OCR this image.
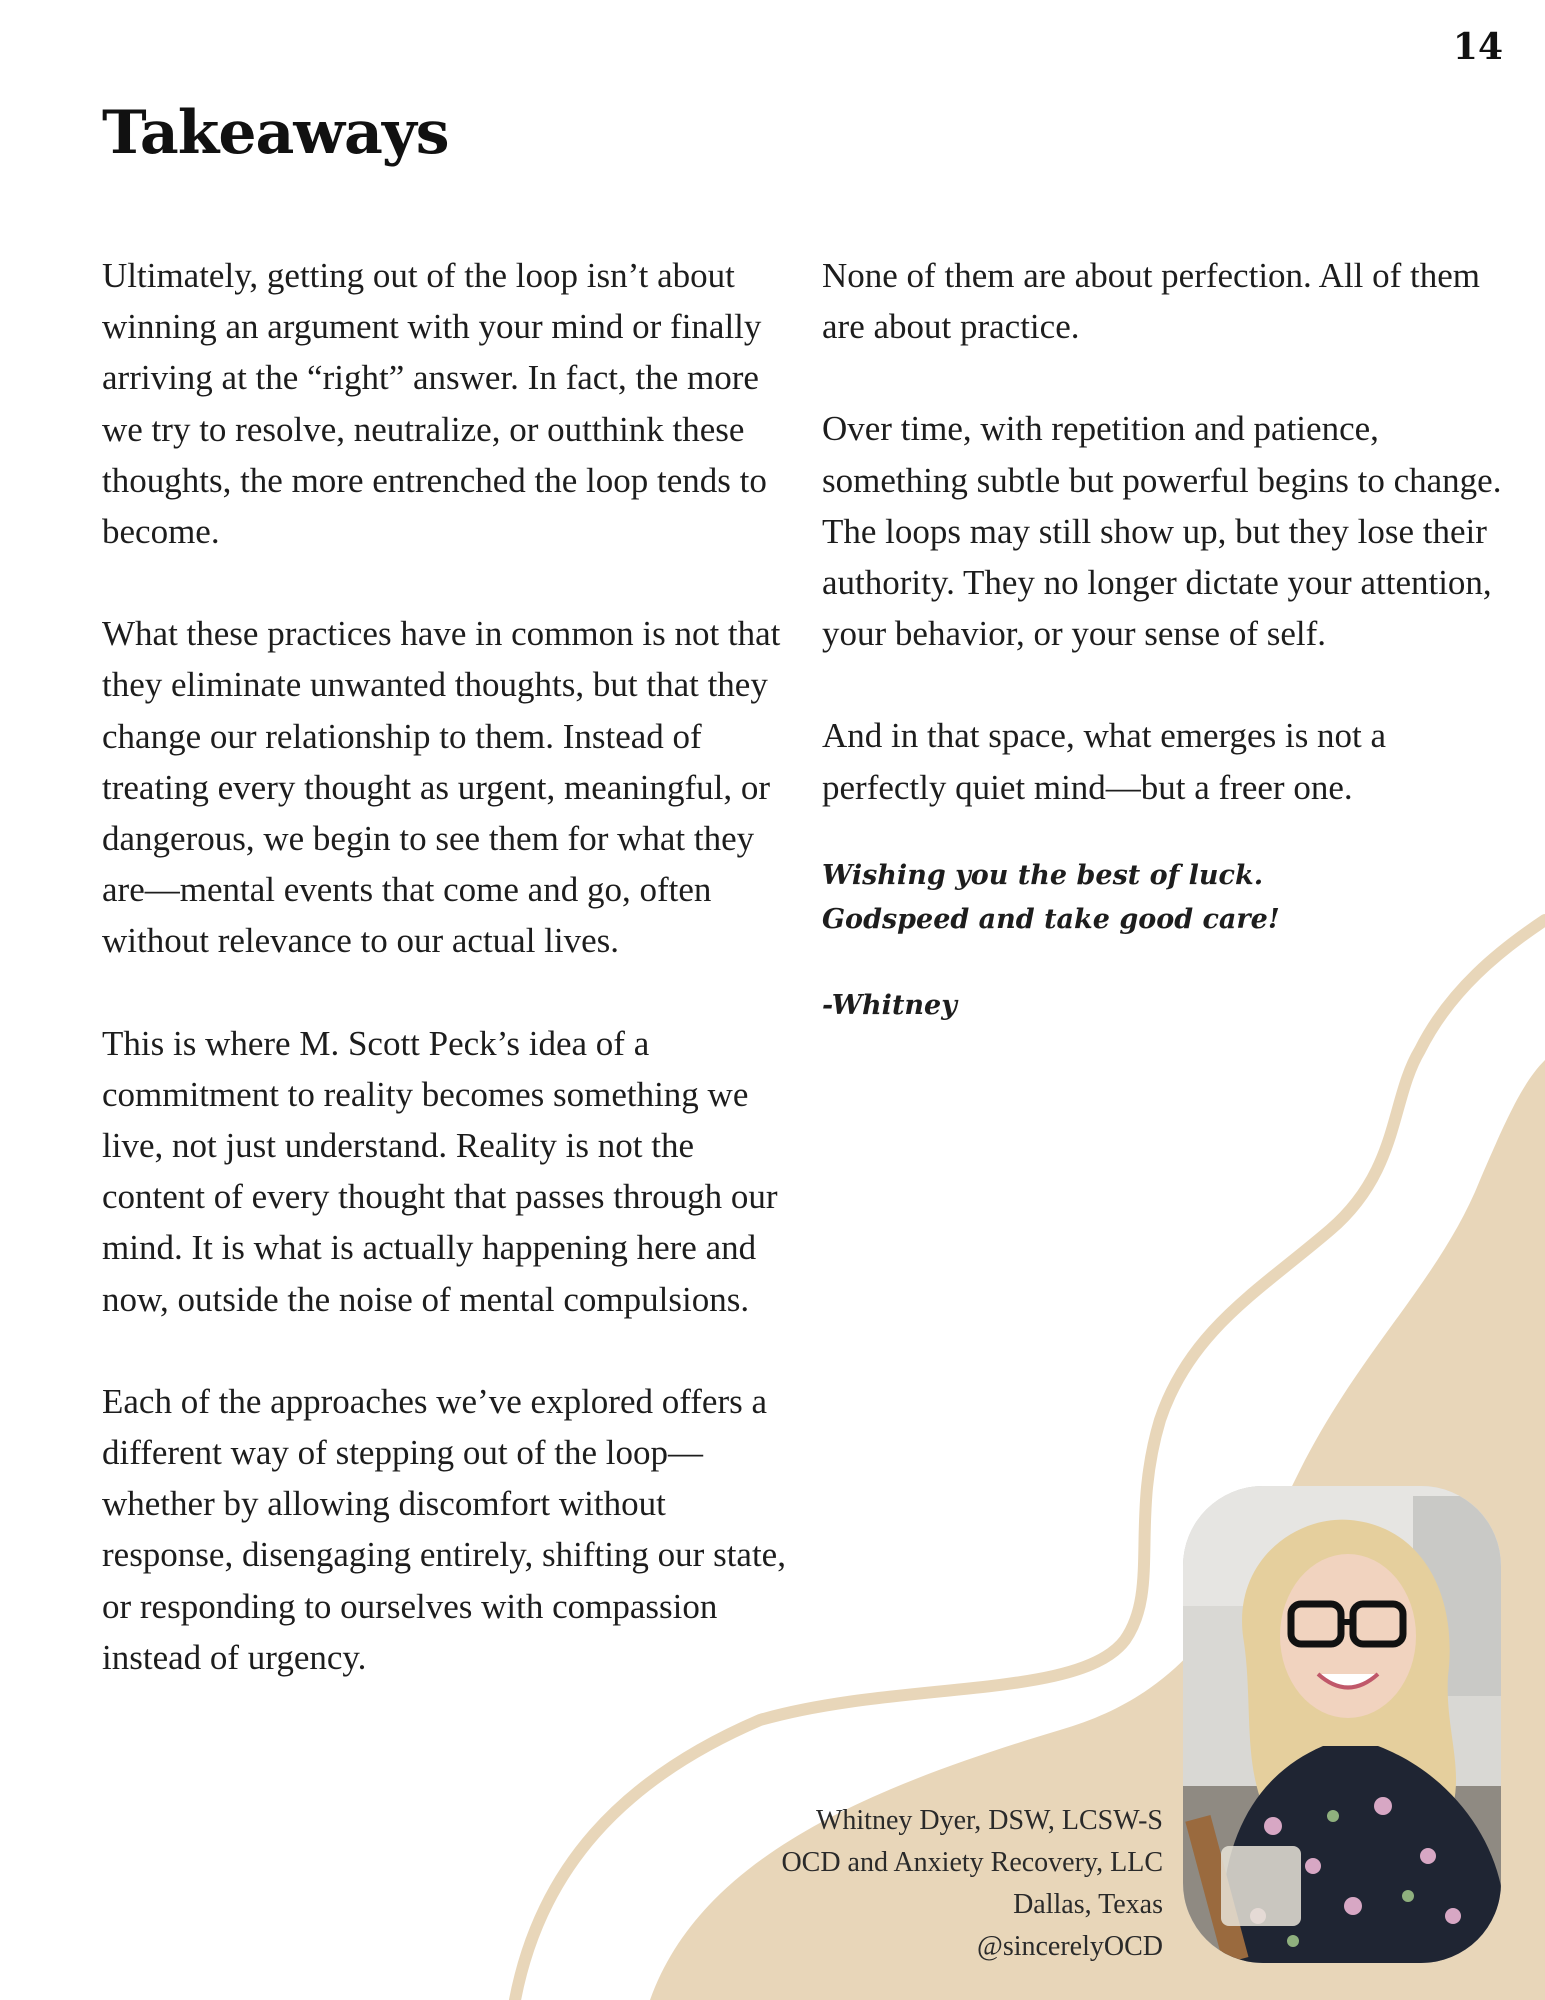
14
Takeaways

Ultimately, getting out of the loop isn’t about winning an argument with your mind or finally arriving at the “right” answer. In fact, the more we try to resolve, neutralize, or outthink these thoughts, the more entrenched the loop tends to become.

What these practices have in common is not that they eliminate unwanted thoughts, but that they change our relationship to them. Instead of treating every thought as urgent, meaningful, or dangerous, we begin to see them for what they are—mental events that come and go, often without relevance to our actual lives.

This is where M. Scott Peck’s idea of a commitment to reality becomes something we live, not just understand. Reality is not the content of every thought that passes through our mind. It is what is actually happening here and now, outside the noise of mental compulsions.

Each of the approaches we’ve explored offers a different way of stepping out of the loop—whether by allowing discomfort without response, disengaging entirely, shifting our state, or responding to ourselves with compassion instead of urgency.

None of them are about perfection. All of them are about practice.

Over time, with repetition and patience, something subtle but powerful begins to change. The loops may still show up, but they lose their authority. They no longer dictate your attention, your behavior, or your sense of self.

And in that space, what emerges is not a perfectly quiet mind—but a freer one.

Wishing you the best of luck.
Godspeed and take good care!
-Whitney
Whitney Dyer, DSW, LCSW-S
OCD and Anxiety Recovery, LLC
Dallas, Texas
@sincerelyOCD
